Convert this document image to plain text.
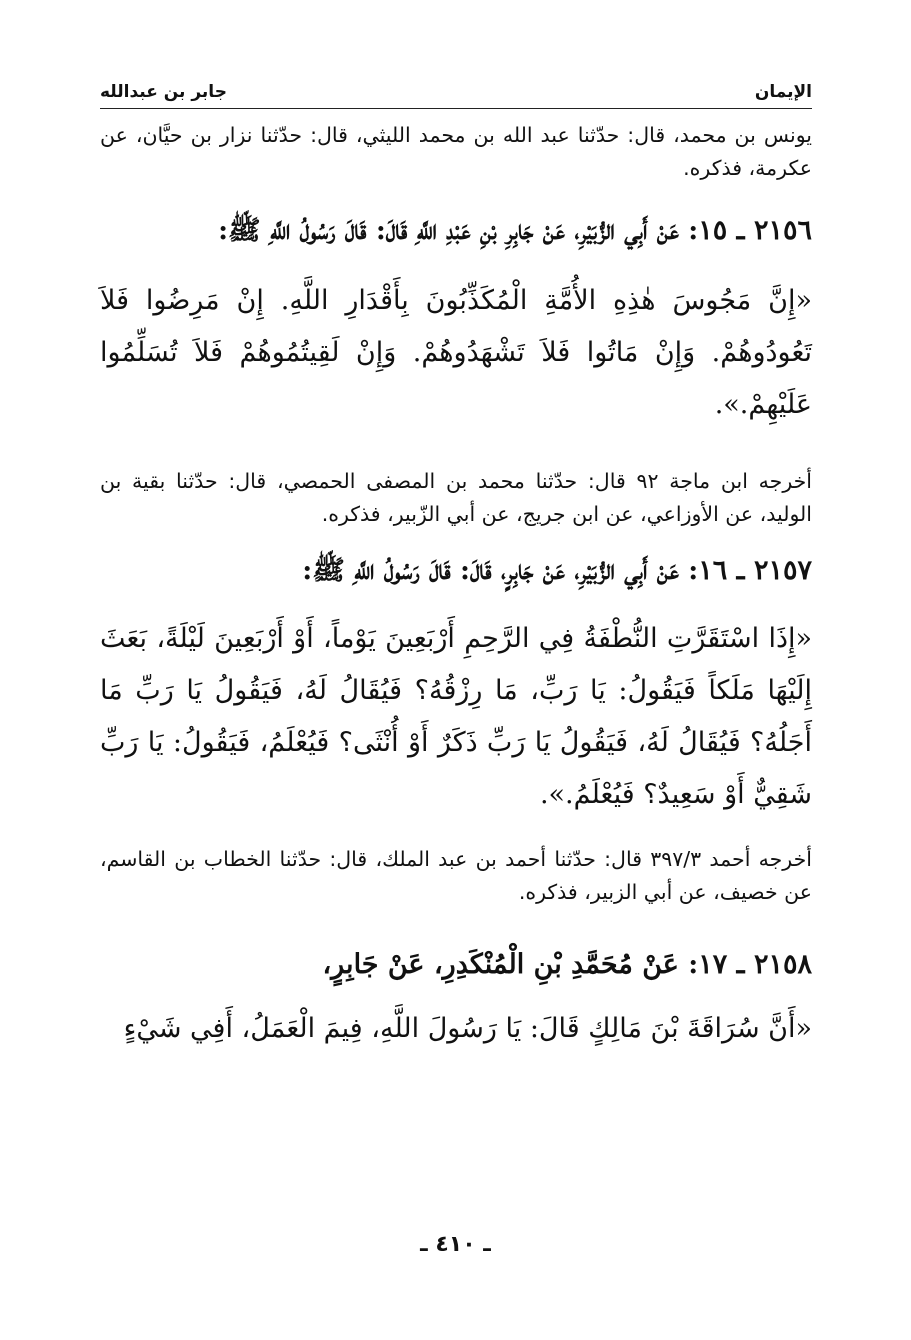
الإيمان
جابر بن عبدالله

يونس بن محمد، قال: حدّثنا عبد الله بن محمد الليثي، قال: حدّثنا نزار بن حيَّان، عن عكرمة، فذكره.

٢١٥٦ ـ ١٥: عَنْ أَبِي الزُّبَيْرِ، عَنْ جَابِرِ بْنِ عَبْدِ اللَّهِ قَالَ: قَالَ رَسُولُ اللَّهِ ﷺ:

«إِنَّ مَجُوسَ هٰذِهِ الأُمَّةِ الْمُكَذِّبُونَ بِأَقْدَارِ اللَّهِ. إِنْ مَرِضُوا فَلاَ تَعُودُوهُمْ. وَإِنْ مَاتُوا فَلاَ تَشْهَدُوهُمْ. وَإِنْ لَقِيتُمُوهُمْ فَلاَ تُسَلِّمُوا عَلَيْهِمْ.».

أخرجه ابن ماجة ٩٢ قال: حدّثنا محمد بن المصفى الحمصي، قال: حدّثنا بقية بن الوليد، عن الأوزاعي، عن ابن جريج، عن أبي الزّبير، فذكره.

٢١٥٧ ـ ١٦: عَنْ أَبِي الزُّبَيْرِ، عَنْ جَابِرٍ، قَالَ: قَالَ رَسُولُ اللَّهِ ﷺ:

«إِذَا اسْتَقَرَّتِ النُّطْفَةُ فِي الرَّحِمِ أَرْبَعِينَ يَوْماً، أَوْ أَرْبَعِينَ لَيْلَةً، بَعَثَ إِلَيْهَا مَلَكاً فَيَقُولُ: يَا رَبِّ، مَا رِزْقُهُ؟ فَيُقَالُ لَهُ، فَيَقُولُ يَا رَبِّ مَا أَجَلُهُ؟ فَيُقَالُ لَهُ، فَيَقُولُ يَا رَبِّ ذَكَرٌ أَوْ أُنْثَى؟ فَيُعْلَمُ، فَيَقُولُ: يَا رَبِّ شَقِيٌّ أَوْ سَعِيدٌ؟ فَيُعْلَمُ.».

أخرجه أحمد ٣٩٧/٣ قال: حدّثنا أحمد بن عبد الملك، قال: حدّثنا الخطاب بن القاسم، عن خصيف، عن أبي الزبير، فذكره.

٢١٥٨ ـ ١٧: عَنْ مُحَمَّدِ بْنِ الْمُنْكَدِرِ، عَنْ جَابِرٍ،

«أَنَّ سُرَاقَةَ بْنَ مَالِكٍ قَالَ: يَا رَسُولَ اللَّهِ، فِيمَ الْعَمَلُ، أَفِي شَيْءٍ

ـ ٤١٠ ـ
